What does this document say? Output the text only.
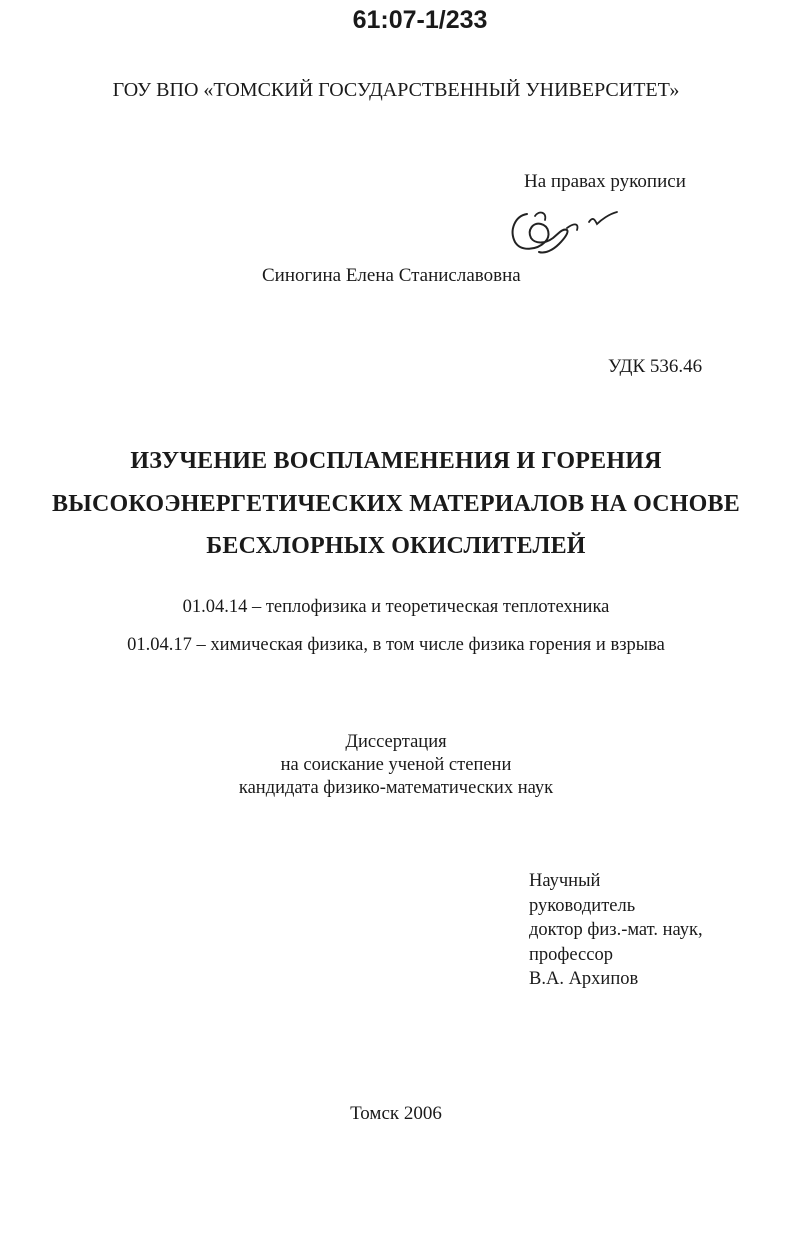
61:07-1/233
ГОУ ВПО «ТОМСКИЙ ГОСУДАРСТВЕННЫЙ УНИВЕРСИТЕТ»
На правах рукописи
Синогина Елена Станиславовна
УДК 536.46
ИЗУЧЕНИЕ ВОСПЛАМЕНЕНИЯ И ГОРЕНИЯ
ВЫСОКОЭНЕРГЕТИЧЕСКИХ МАТЕРИАЛОВ НА ОСНОВЕ
БЕСХЛОРНЫХ ОКИСЛИТЕЛЕЙ
01.04.14 – теплофизика и теоретическая теплотехника
01.04.17 – химическая физика, в том числе физика горения и взрыва
Диссертация
на соискание ученой степени
кандидата физико-математических наук
Научный
руководитель
доктор физ.-мат. наук,
профессор
В.А. Архипов
Томск 2006
